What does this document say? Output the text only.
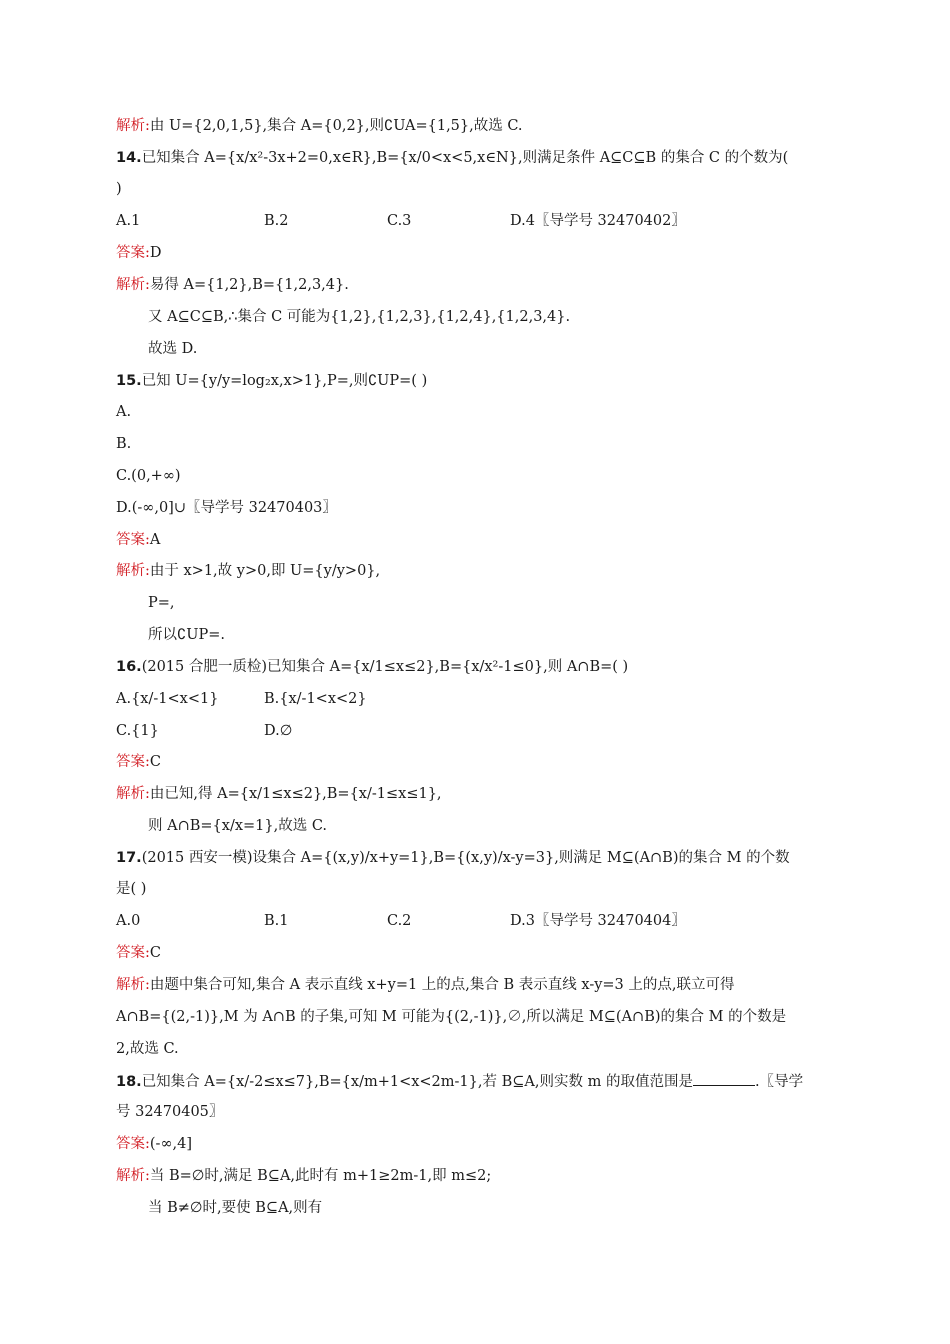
解析:由 U={2,0,1,5},集合 A={0,2},则∁UA={1,5},故选 C.
14.已知集合 A={x/x²-3x+2=0,x∈R},B={x/0<x<5,x∈N},则满足条件 A⊆C⊆B 的集合 C 的个数为(
)
A.1	B.2	C.3	D.4〖导学号 32470402〗
答案:D
解析:易得 A={1,2},B={1,2,3,4}.
又 A⊆C⊆B,∴集合 C 可能为{1,2},{1,2,3},{1,2,4},{1,2,3,4}.
故选 D.
15.已知 U={y/y=log₂x,x>1},P=,则∁UP=( )
A.
B.
C.(0,+∞)
D.(-∞,0]∪〖导学号 32470403〗
答案:A
解析:由于 x>1,故 y>0,即 U={y/y>0},
P=,
所以∁UP=.
16.(2015 合肥一质检)已知集合 A={x/1≤x≤2},B={x/x²-1≤0},则 A∩B=( )
A.{x/-1<x<1}	B.{x/-1<x<2}
C.{1}	D.∅
答案:C
解析:由已知,得 A={x/1≤x≤2},B={x/-1≤x≤1},
则 A∩B={x/x=1},故选 C.
17.(2015 西安一模)设集合 A={(x,y)/x+y=1},B={(x,y)/x-y=3},则满足 M⊆(A∩B)的集合 M 的个数
是( )
A.0	B.1	C.2	D.3〖导学号 32470404〗
答案:C
解析:由题中集合可知,集合 A 表示直线 x+y=1 上的点,集合 B 表示直线 x-y=3 上的点,联立可得
A∩B={(2,-1)},M 为 A∩B 的子集,可知 M 可能为{(2,-1)},∅,所以满足 M⊆(A∩B)的集合 M 的个数是
2,故选 C.
18.已知集合 A={x/-2≤x≤7},B={x/m+1<x<2m-1},若 B⊆A,则实数 m 的取值范围是	.〖导学
号 32470405〗
答案:(-∞,4]
解析:当 B=∅时,满足 B⊆A,此时有 m+1≥2m-1,即 m≤2;
当 B≠∅时,要使 B⊆A,则有
